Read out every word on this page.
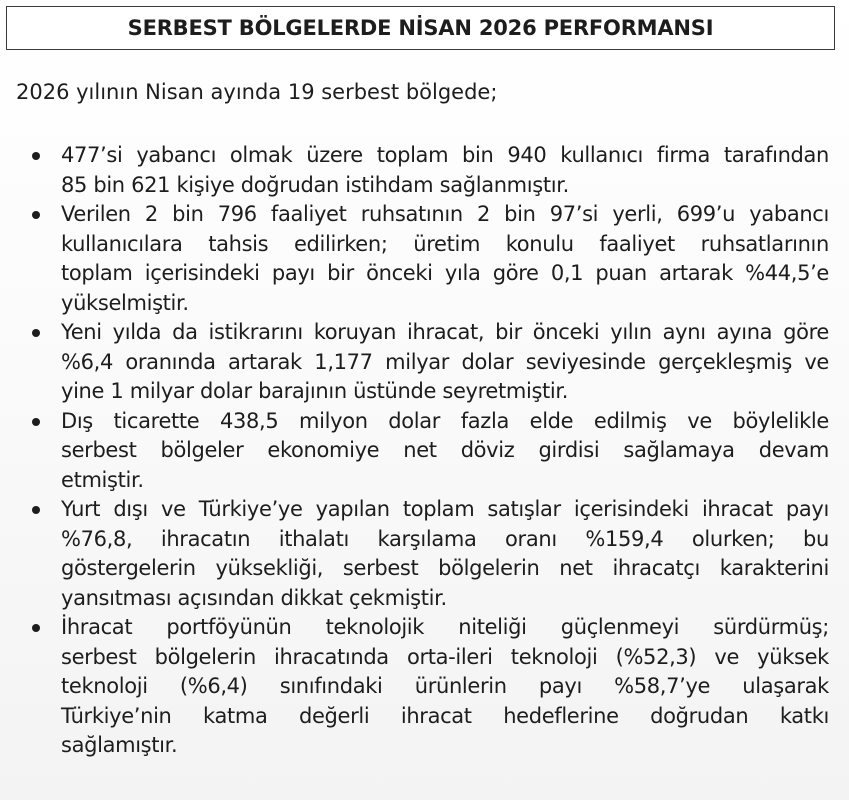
SERBEST BÖLGELERDE NİSAN 2026 PERFORMANSI
2026 yılının Nisan ayında 19 serbest bölgede;
477’si yabancı olmak üzere toplam bin 940 kullanıcı firma tarafından
85 bin 621 kişiye doğrudan istihdam sağlanmıştır.
Verilen 2 bin 796 faaliyet ruhsatının 2 bin 97’si yerli, 699’u yabancı
kullanıcılara tahsis edilirken; üretim konulu faaliyet ruhsatlarının
toplam içerisindeki payı bir önceki yıla göre 0,1 puan artarak %44,5’e
yükselmiştir.
Yeni yılda da istikrarını koruyan ihracat, bir önceki yılın aynı ayına göre
%6,4 oranında artarak 1,177 milyar dolar seviyesinde gerçekleşmiş ve
yine 1 milyar dolar barajının üstünde seyretmiştir.
Dış ticarette 438,5 milyon dolar fazla elde edilmiş ve böylelikle
serbest bölgeler ekonomiye net döviz girdisi sağlamaya devam
etmiştir.
Yurt dışı ve Türkiye’ye yapılan toplam satışlar içerisindeki ihracat payı
%76,8, ihracatın ithalatı karşılama oranı %159,4 olurken; bu
göstergelerin yüksekliği, serbest bölgelerin net ihracatçı karakterini
yansıtması açısından dikkat çekmiştir.
İhracat portföyünün teknolojik niteliği güçlenmeyi sürdürmüş;
serbest bölgelerin ihracatında orta-ileri teknoloji (%52,3) ve yüksek
teknoloji (%6,4) sınıfındaki ürünlerin payı %58,7’ye ulaşarak
Türkiye’nin katma değerli ihracat hedeflerine doğrudan katkı
sağlamıştır.
